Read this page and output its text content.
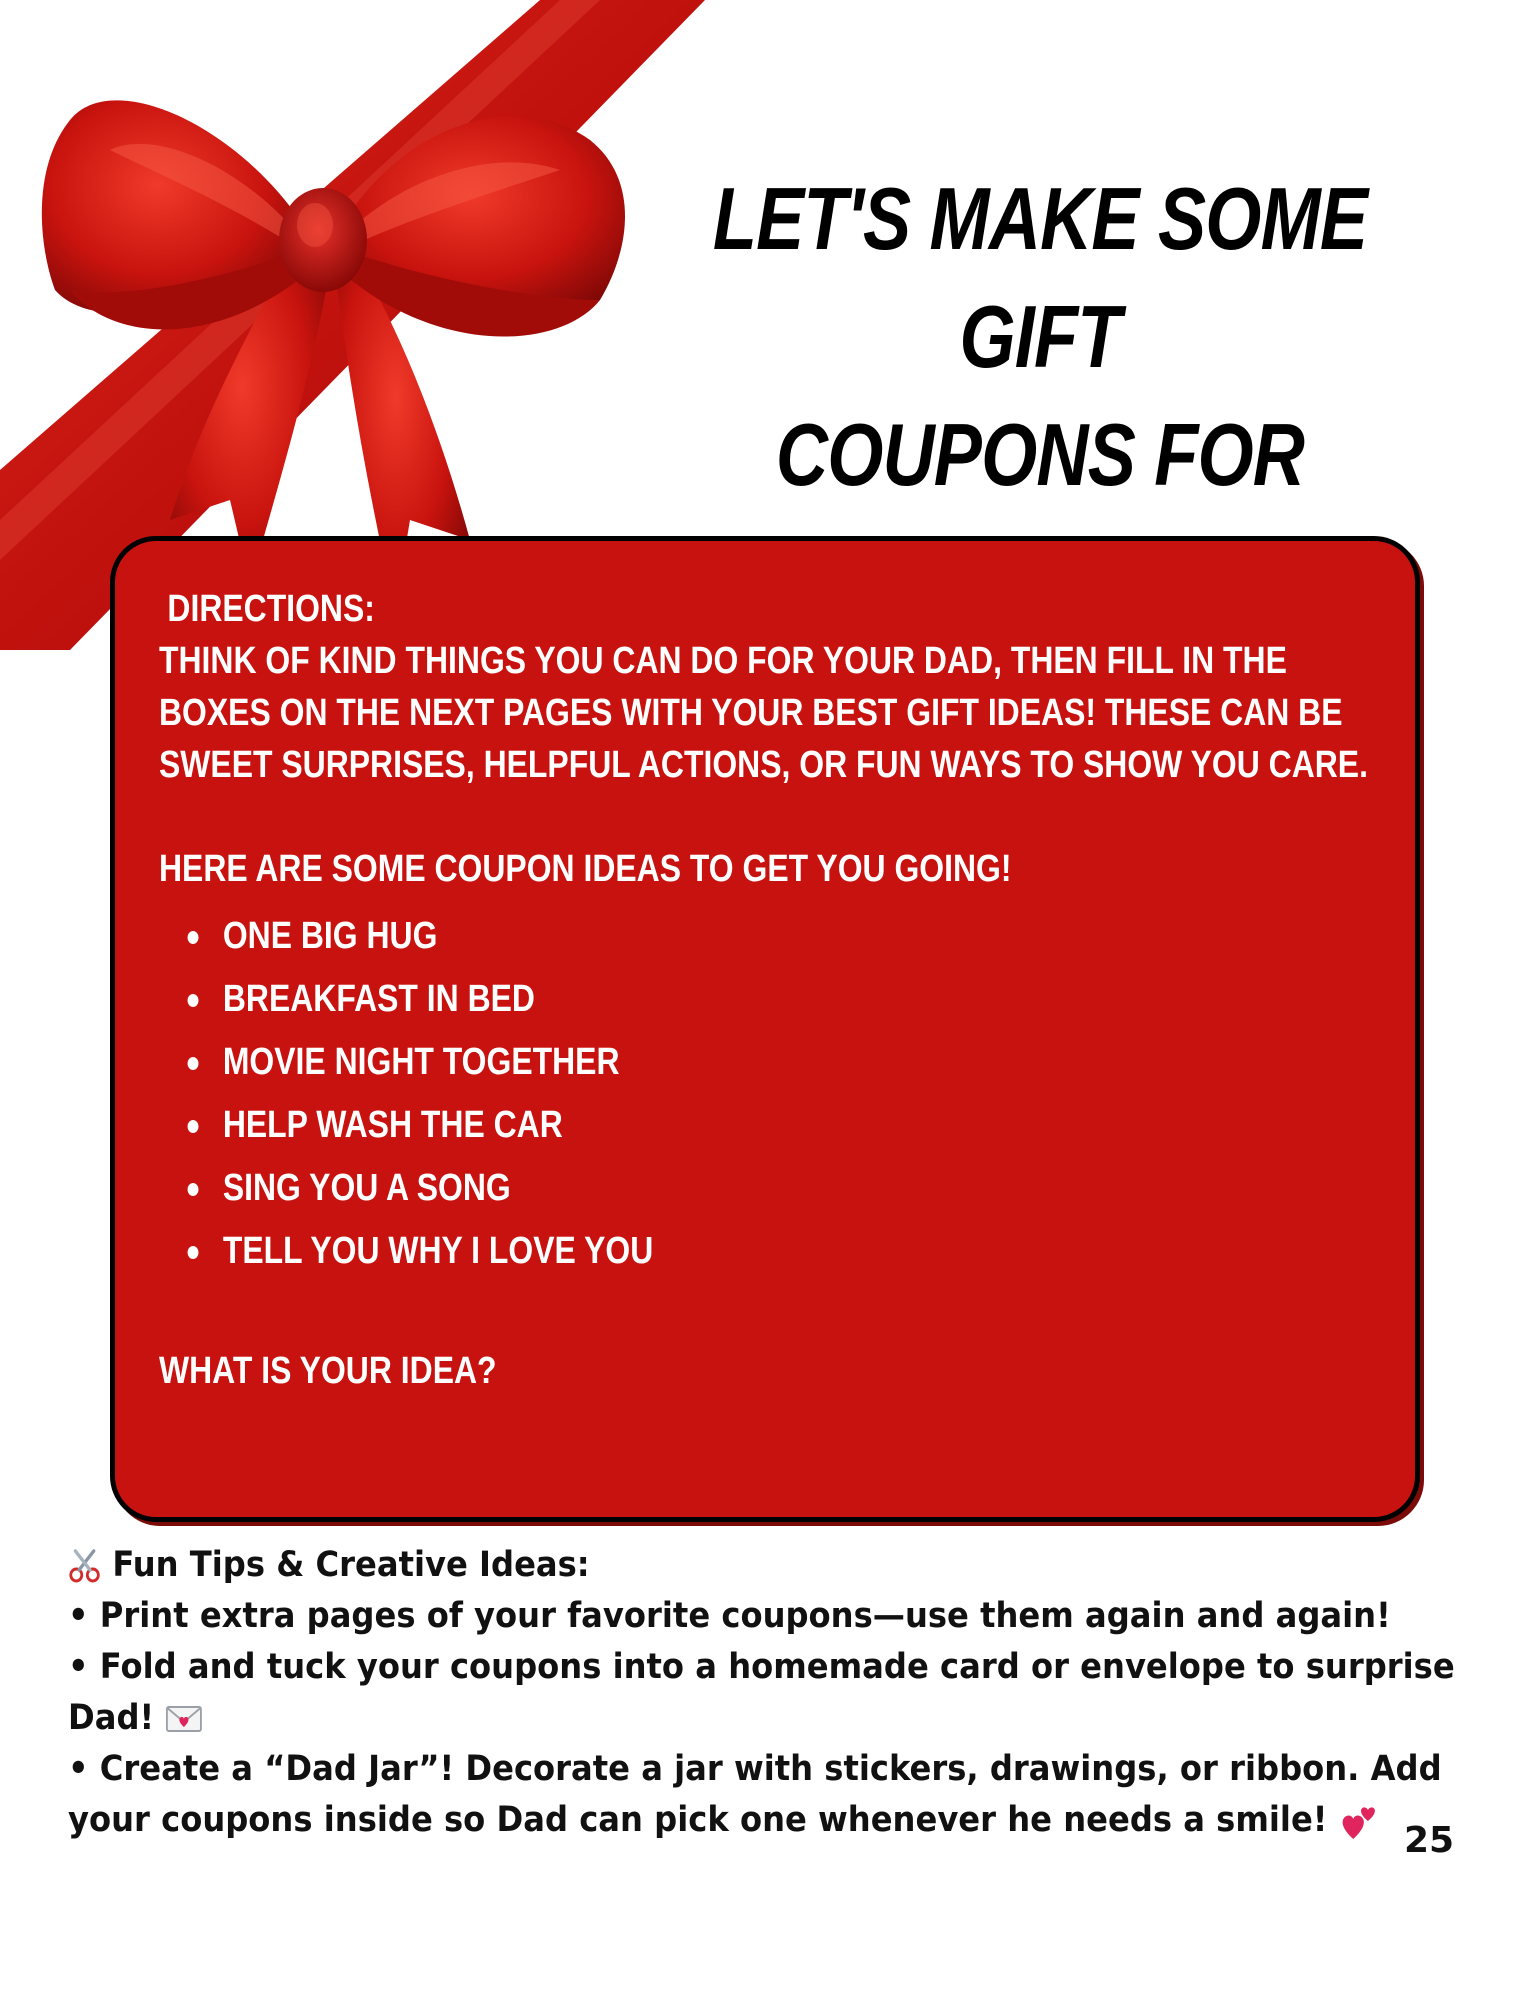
LET'S MAKE SOME GIFT
COUPONS FOR

DIRECTIONS:

THINK OF KIND THINGS YOU CAN DO FOR YOUR DAD, THEN FILL IN THE BOXES ON THE NEXT PAGES WITH YOUR BEST GIFT IDEAS! THESE CAN BE SWEET SURPRISES, HELPFUL ACTIONS, OR FUN WAYS TO SHOW YOU CARE.

HERE ARE SOME COUPON IDEAS TO GET YOU GOING!

ONE BIG HUG
BREAKFAST IN BED
MOVIE NIGHT TOGETHER
HELP WASH THE CAR
SING YOU A SONG
TELL YOU WHY I LOVE YOU

WHAT IS YOUR IDEA?

Fun Tips & Creative Ideas:

• Print extra pages of your favorite coupons—use them again and again!

• Fold and tuck your coupons into a homemade card or envelope to surprise Dad!

• Create a “Dad Jar”! Decorate a jar with stickers, drawings, or ribbon. Add your coupons inside so Dad can pick one whenever he needs a smile!	25
